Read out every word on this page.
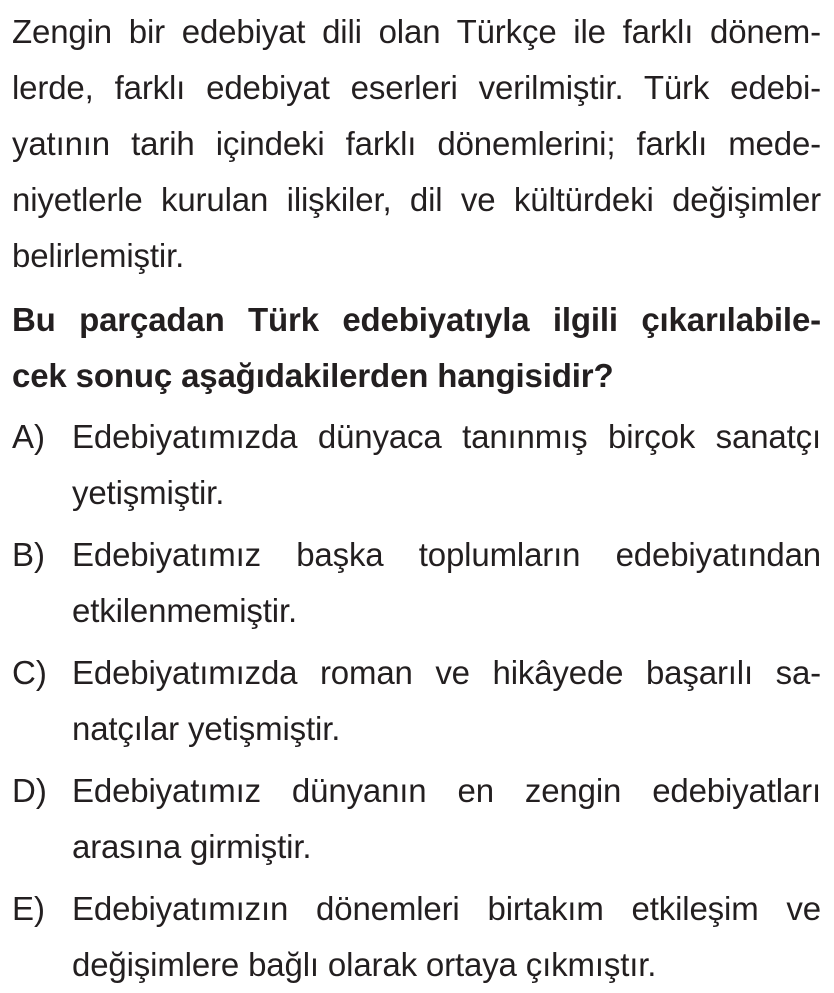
Zengin bir edebiyat dili olan Türkçe ile farklı dönem-
lerde, farklı edebiyat eserleri verilmiştir. Türk edebi-
yatının tarih içindeki farklı dönemlerini; farklı mede-
niyetlerle kurulan ilişkiler, dil ve kültürdeki değişimler
belirlemiştir.
Bu parçadan Türk edebiyatıyla ilgili çıkarılabile-
cek sonuç aşağıdakilerden hangisidir?
A) Edebiyatımızda dünyaca tanınmış birçok sanatçı
yetişmiştir.
B) Edebiyatımız başka toplumların edebiyatından
etkilenmemiştir.
C) Edebiyatımızda roman ve hikâyede başarılı sa-
natçılar yetişmiştir.
D) Edebiyatımız dünyanın en zengin edebiyatları
arasına girmiştir.
E) Edebiyatımızın dönemleri birtakım etkileşim ve
değişimlere bağlı olarak ortaya çıkmıştır.
